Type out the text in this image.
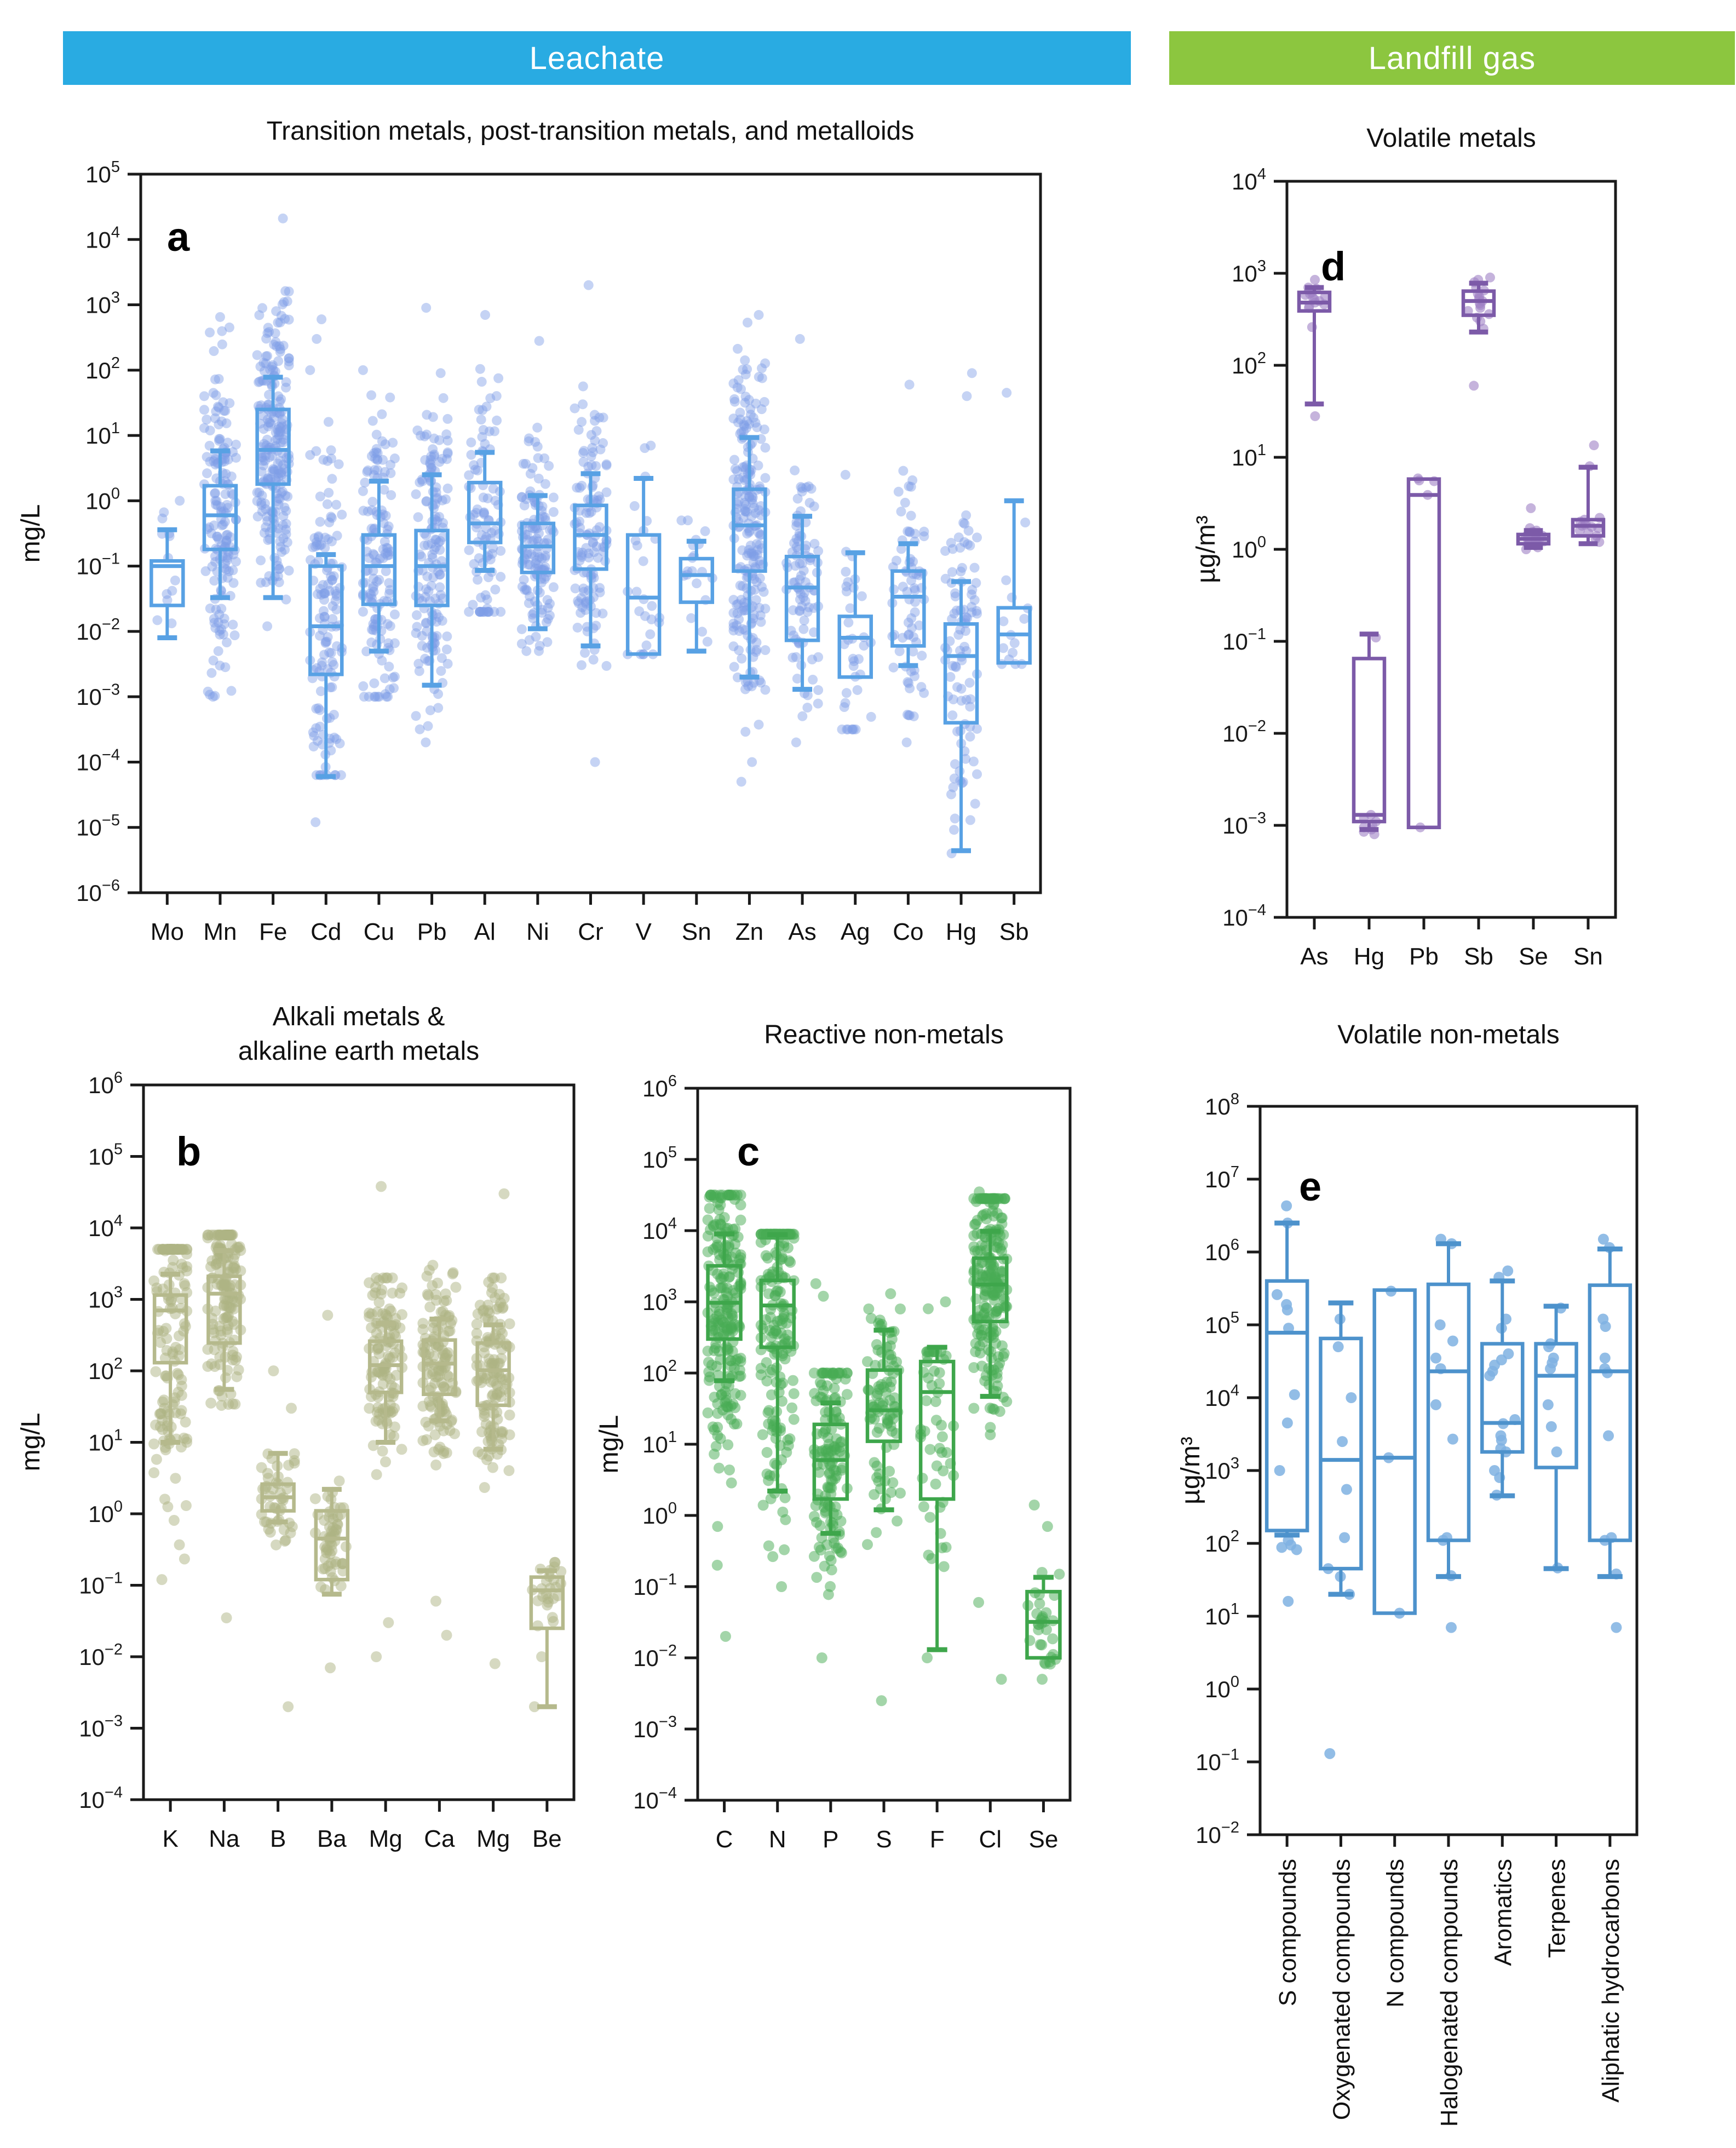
Leachate	Landfill gas
Transition metals, post-transition metals, and metalloids
a
mg/L
$10^5$
$10^4$
$10^3$
$10^2$
$10^1$
$10^0$
$10^{-1}$
$10^{-2}$
$10^{-3}$
$10^{-4}$
$10^{-5}$
$10^{-6}$
Mo Mn Fe Cd Cu Pb Al Ni Cr V Sn Zn As Ag Co Hg Sb
Alkali metals &
alkaline earth metals
b
mg/L
$10^6$
$10^5$
$10^4$
$10^3$
$10^2$
$10^1$
$10^0$
$10^{-1}$
$10^{-2}$
$10^{-3}$
$10^{-4}$
K Na B Ba Mg Ca Mg Be
Reactive non-metals
c
mg/L
$10^6$
$10^5$
$10^4$
$10^3$
$10^2$
$10^1$
$10^0$
$10^{-1}$
$10^{-2}$
$10^{-3}$
$10^{-4}$
C N P S F Cl Se
Volatile metals
d
µg/m³
$10^4$
$10^3$
$10^2$
$10^1$
$10^0$
$10^{-1}$
$10^{-2}$
$10^{-3}$
$10^{-4}$
As Hg Pb Sb Se Sn
Volatile non-metals
e
µg/m³
$10^8$
$10^7$
$10^6$
$10^5$
$10^4$
$10^3$
$10^2$
$10^1$
$10^0$
$10^{-1}$
$10^{-2}$
S compounds Oxygenated compounds N compounds Halogenated compounds Aromatics Terpenes Aliphatic hydrocarbons
